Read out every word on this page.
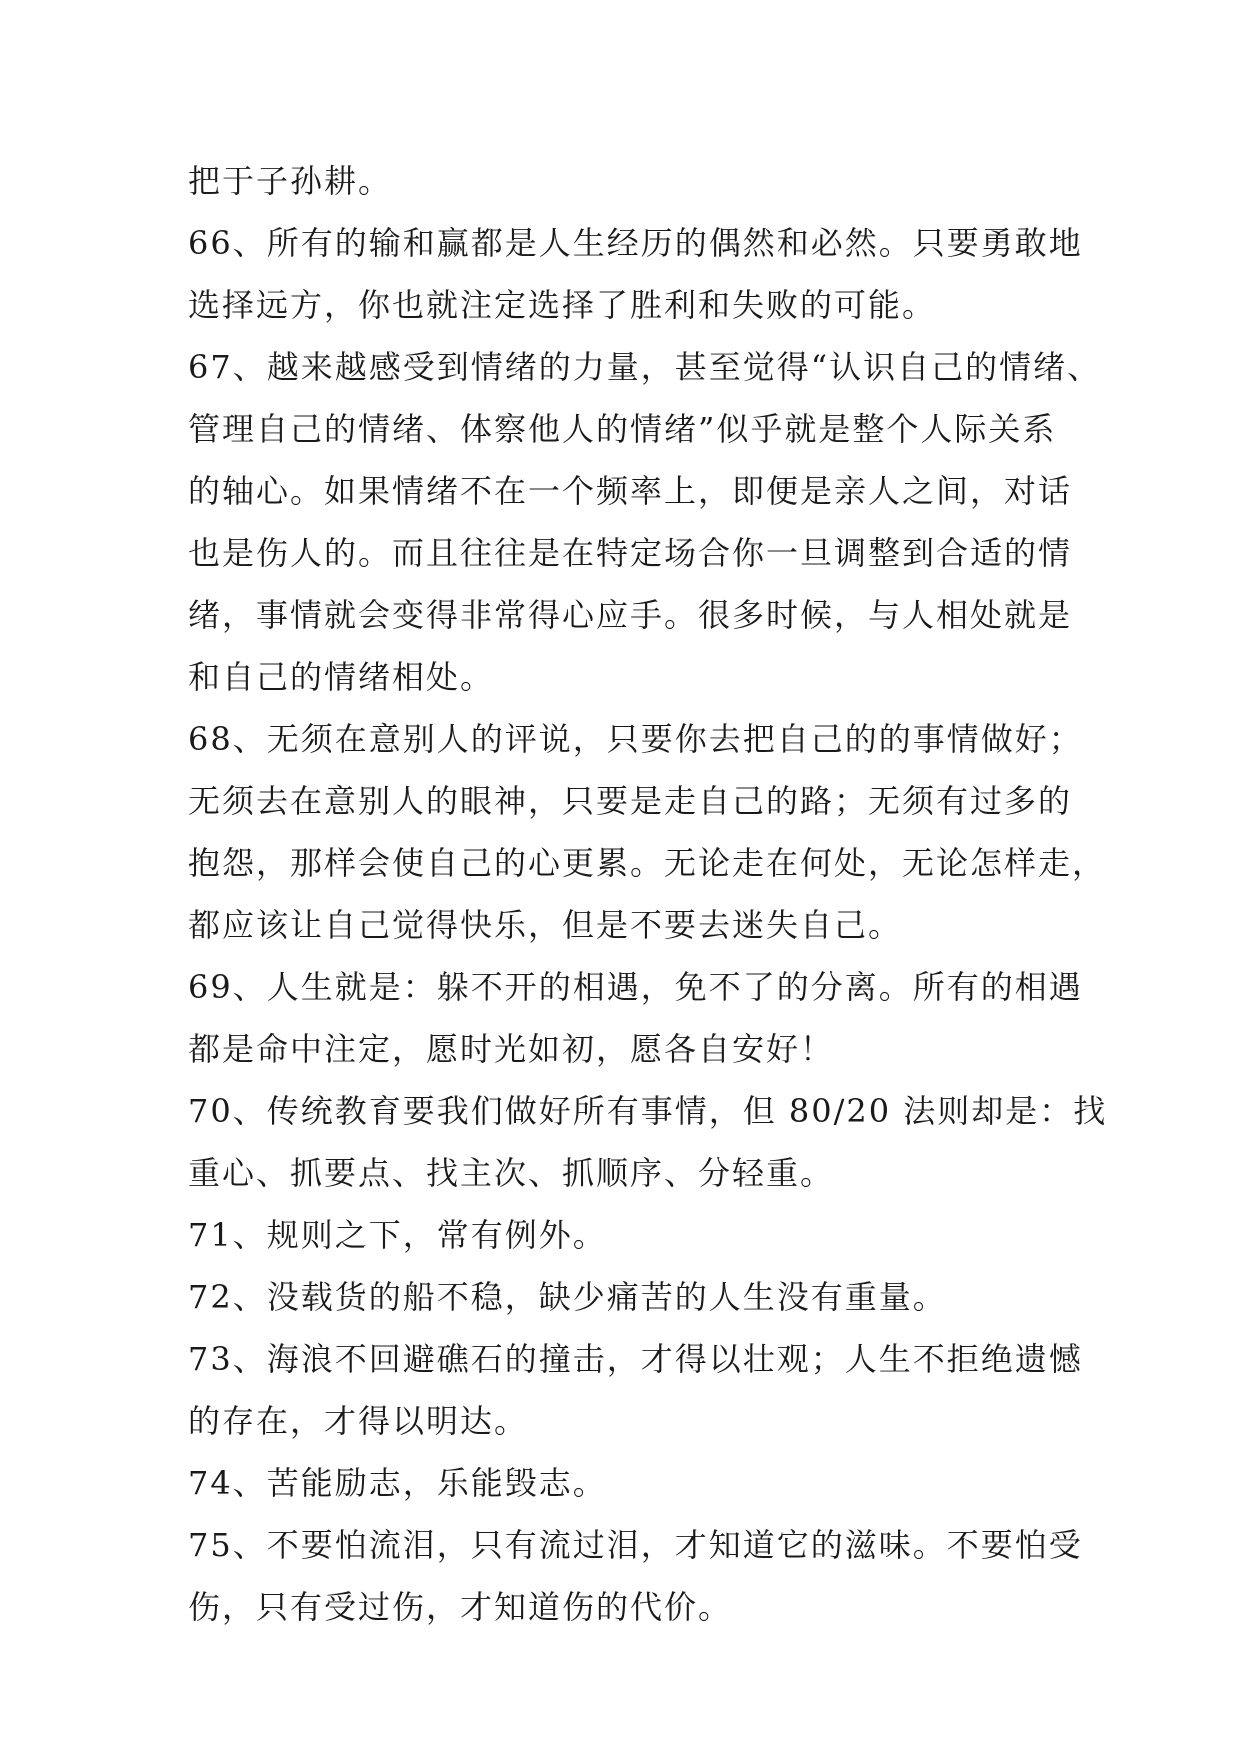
把于子孙耕。
66、所有的输和赢都是人生经历的偶然和必然。只要勇敢地
选择远方，你也就注定选择了胜利和失败的可能。
67、越来越感受到情绪的力量，甚至觉得“认识自己的情绪、
管理自己的情绪、体察他人的情绪”似乎就是整个人际关系
的轴心。如果情绪不在一个频率上，即便是亲人之间，对话
也是伤人的。而且往往是在特定场合你一旦调整到合适的情
绪，事情就会变得非常得心应手。很多时候，与人相处就是
和自己的情绪相处。
68、无须在意别人的评说，只要你去把自己的的事情做好；
无须去在意别人的眼神，只要是走自己的路；无须有过多的
抱怨，那样会使自己的心更累。无论走在何处，无论怎样走，
都应该让自己觉得快乐，但是不要去迷失自己。
69、人生就是：躲不开的相遇，免不了的分离。所有的相遇
都是命中注定，愿时光如初，愿各自安好！
70、传统教育要我们做好所有事情，但 80/20 法则却是：找
重心、抓要点、找主次、抓顺序、分轻重。
71、规则之下，常有例外。
72、没载货的船不稳，缺少痛苦的人生没有重量。
73、海浪不回避礁石的撞击，才得以壮观；人生不拒绝遗憾
的存在，才得以明达。
74、苦能励志，乐能毁志。
75、不要怕流泪，只有流过泪，才知道它的滋味。不要怕受
伤，只有受过伤，才知道伤的代价。
